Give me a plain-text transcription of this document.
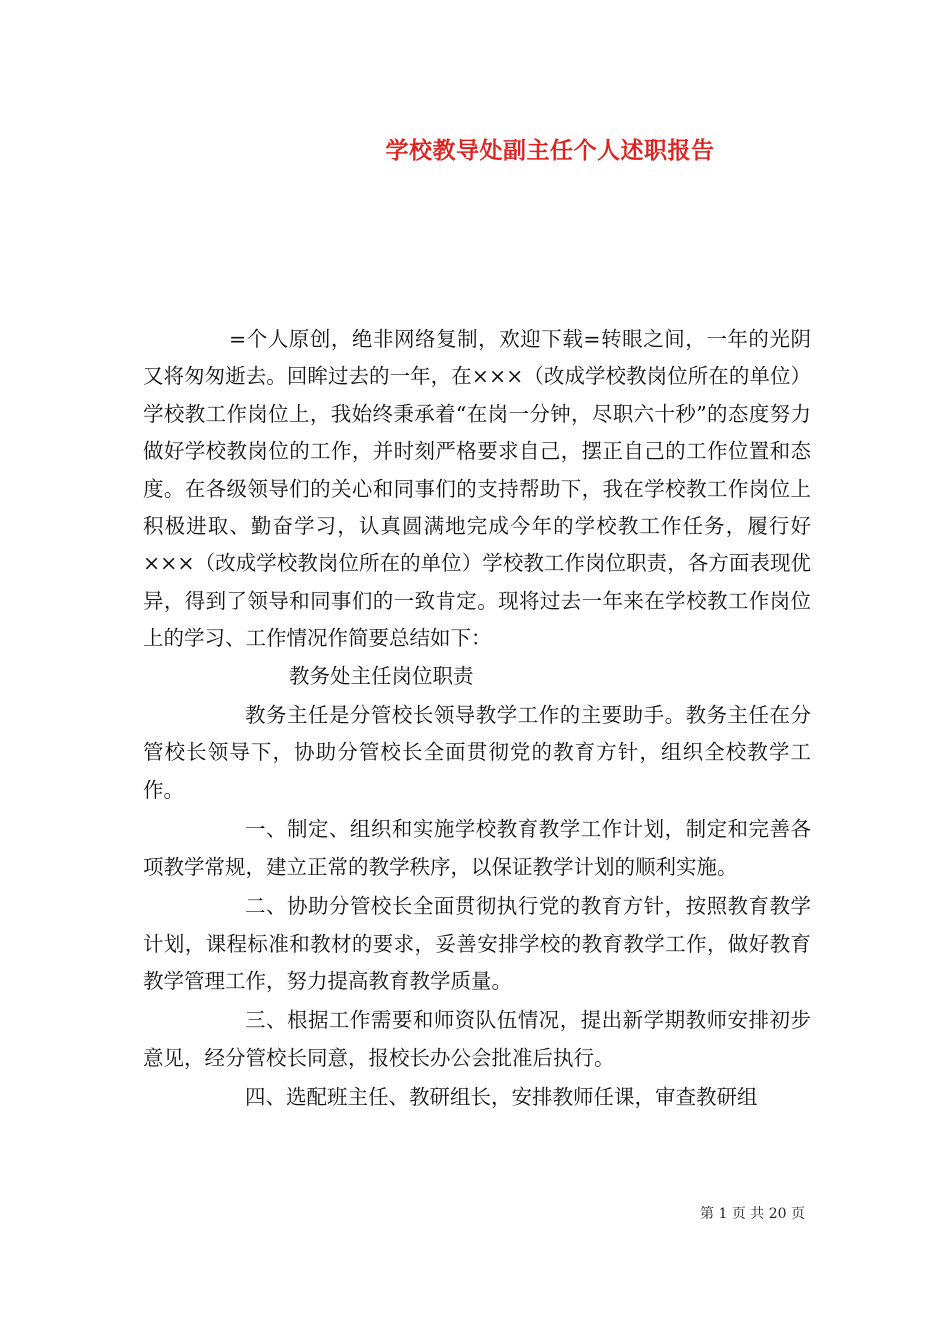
学校教导处副主任个人述职报告

=个人原创，绝非网络复制，欢迎下载=转眼之间，一年的光阴又将匆匆逝去。回眸过去的一年，在×××（改成学校教岗位所在的单位）学校教工作岗位上，我始终秉承着“在岗一分钟，尽职六十秒”的态度努力做好学校教岗位的工作，并时刻严格要求自己，摆正自己的工作位置和态度。在各级领导们的关心和同事们的支持帮助下，我在学校教工作岗位上积极进取、勤奋学习，认真圆满地完成今年的学校教工作任务，履行好×××（改成学校教岗位所在的单位）学校教工作岗位职责，各方面表现优异，得到了领导和同事们的一致肯定。现将过去一年来在学校教工作岗位上的学习、工作情况作简要总结如下：

教务处主任岗位职责

教务主任是分管校长领导教学工作的主要助手。教务主任在分管校长领导下，协助分管校长全面贯彻党的教育方针，组织全校教学工作。

一、制定、组织和实施学校教育教学工作计划，制定和完善各项教学常规，建立正常的教学秩序，以保证教学计划的顺利实施。

二、协助分管校长全面贯彻执行党的教育方针，按照教育教学计划，课程标准和教材的要求，妥善安排学校的教育教学工作，做好教育教学管理工作，努力提高教育教学质量。

三、根据工作需要和师资队伍情况，提出新学期教师安排初步意见，经分管校长同意，报校长办公会批准后执行。

四、选配班主任、教研组长，安排教师任课，审查教研组

第 1 页 共 20 页
